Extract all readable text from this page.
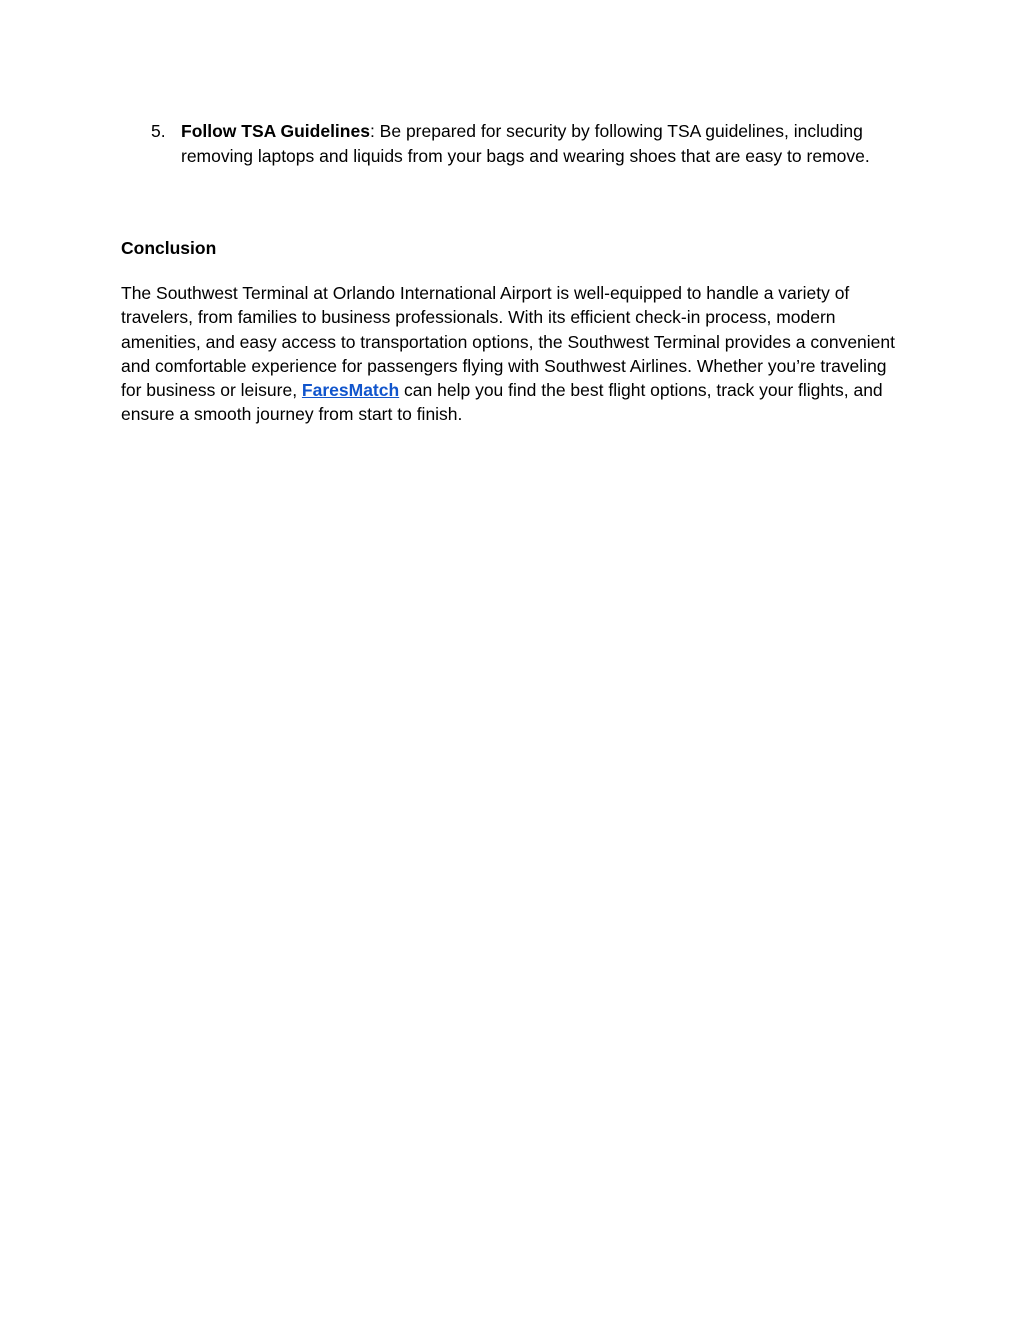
5. Follow TSA Guidelines: Be prepared for security by following TSA guidelines, including removing laptops and liquids from your bags and wearing shoes that are easy to remove.
Conclusion

The Southwest Terminal at Orlando International Airport is well-equipped to handle a variety of travelers, from families to business professionals. With its efficient check-in process, modern amenities, and easy access to transportation options, the Southwest Terminal provides a convenient and comfortable experience for passengers flying with Southwest Airlines. Whether you’re traveling for business or leisure, FaresMatch can help you find the best flight options, track your flights, and ensure a smooth journey from start to finish.
